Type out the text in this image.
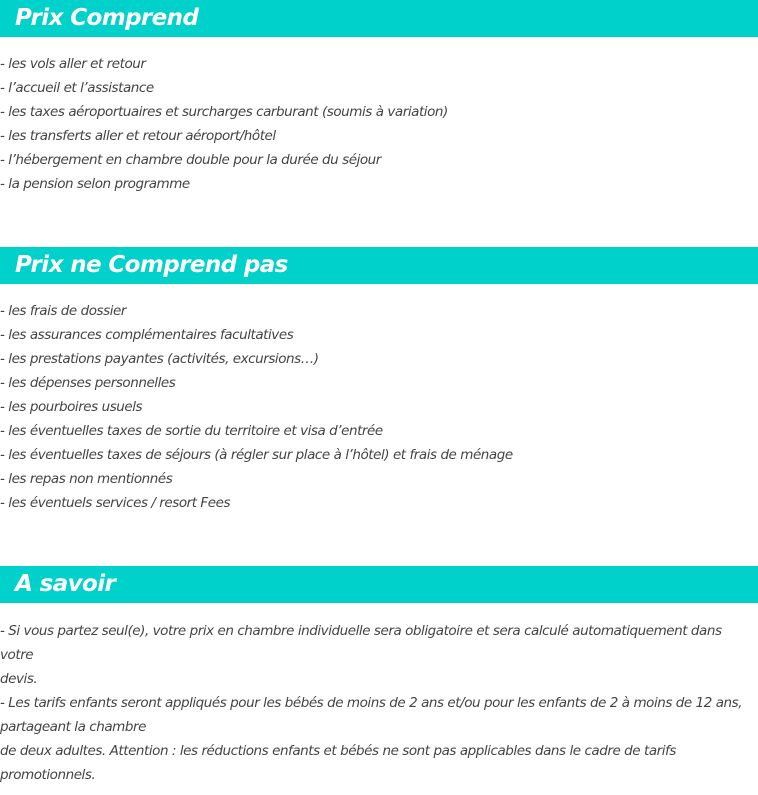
Prix Comprend
- les vols aller et retour
- l’accueil et l’assistance
- les taxes aéroportuaires et surcharges carburant (soumis à variation)
- les transferts aller et retour aéroport/hôtel
- l’hébergement en chambre double pour la durée du séjour
- la pension selon programme
Prix ne Comprend pas
- les frais de dossier
- les assurances complémentaires facultatives
- les prestations payantes (activités, excursions…)
- les dépenses personnelles
- les pourboires usuels
- les éventuelles taxes de sortie du territoire et visa d’entrée
- les éventuelles taxes de séjours (à régler sur place à l’hôtel) et frais de ménage
- les repas non mentionnés
- les éventuels services / resort Fees
A savoir
- Si vous partez seul(e), votre prix en chambre individuelle sera obligatoire et sera calculé automatiquement dans votre
devis.
- Les tarifs enfants seront appliqués pour les bébés de moins de 2 ans et/ou pour les enfants de 2 à moins de 12 ans,
partageant la chambre
de deux adultes. Attention : les réductions enfants et bébés ne sont pas applicables dans le cadre de tarifs promotionnels.
